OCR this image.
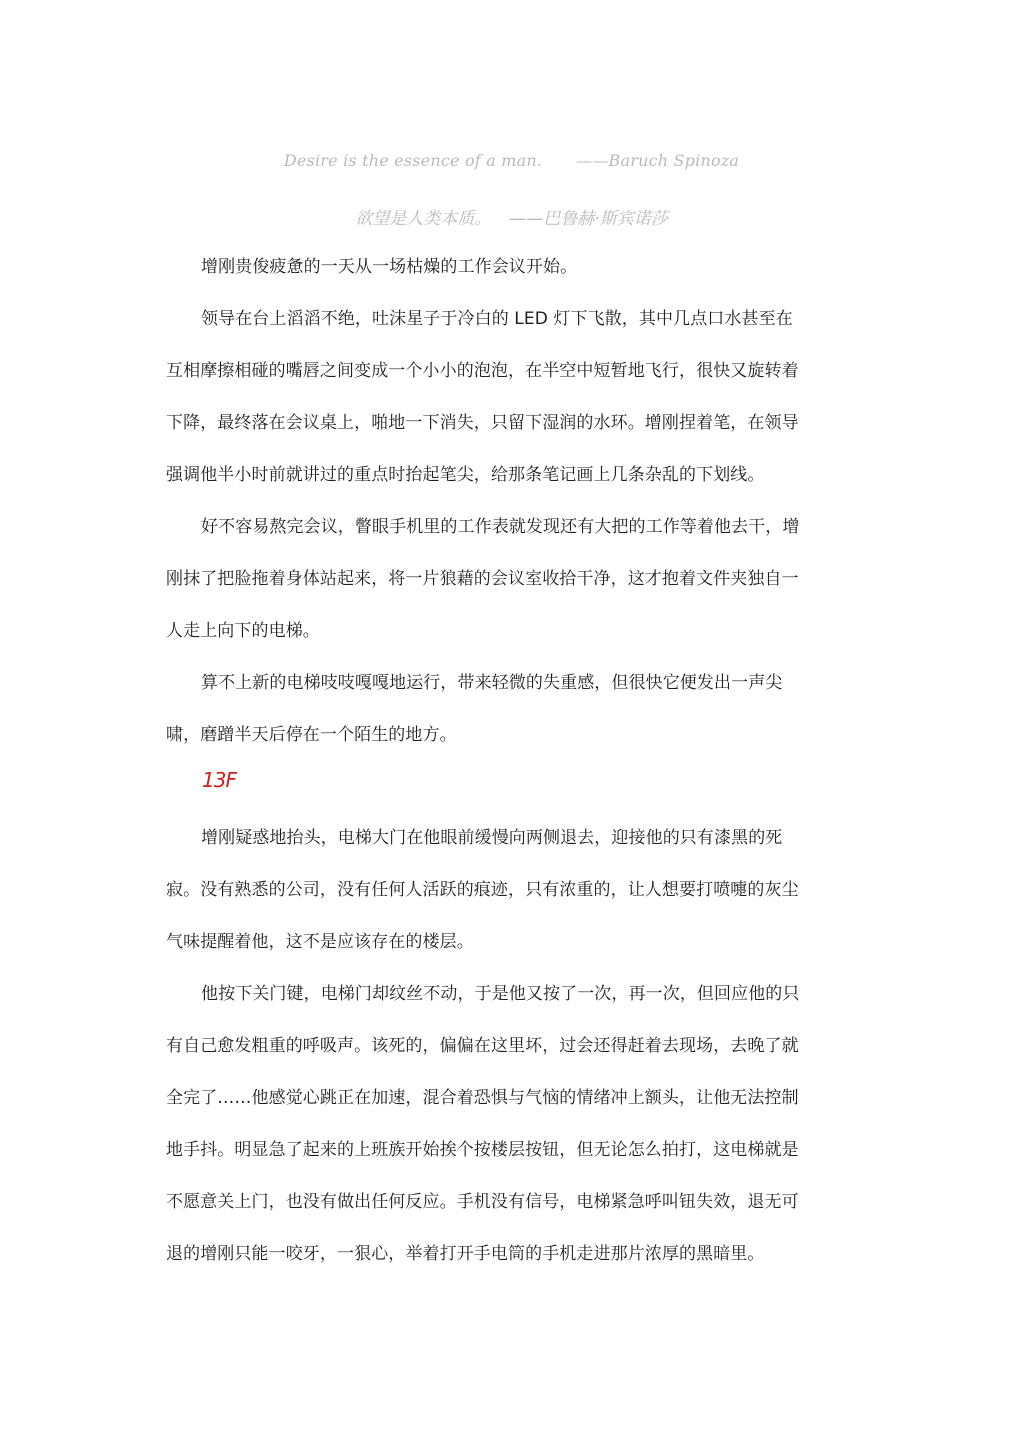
Desire is the essence of a man. ——Baruch Spinoza
欲望是人类本质。 ——巴鲁赫·斯宾诺莎

增刚贵俊疲惫的一天从一场枯燥的工作会议开始。

领导在台上滔滔不绝，吐沫星子于冷白的 LED 灯下飞散，其中几点口水甚至在
互相摩擦相碰的嘴唇之间变成一个小小的泡泡，在半空中短暂地飞行，很快又旋转着
下降，最终落在会议桌上，啪地一下消失，只留下湿润的水环。增刚捏着笔，在领导
强调他半小时前就讲过的重点时抬起笔尖，给那条笔记画上几条杂乱的下划线。

好不容易熬完会议，瞥眼手机里的工作表就发现还有大把的工作等着他去干，增
刚抹了把脸拖着身体站起来，将一片狼藉的会议室收拾干净，这才抱着文件夹独自一
人走上向下的电梯。

算不上新的电梯吱吱嘎嘎地运行，带来轻微的失重感，但很快它便发出一声尖
啸，磨蹭半天后停在一个陌生的地方。

增刚疑惑地抬头，电梯大门在他眼前缓慢向两侧退去，迎接他的只有漆黑的死
寂。没有熟悉的公司，没有任何人活跃的痕迹，只有浓重的，让人想要打喷嚏的灰尘
气味提醒着他，这不是应该存在的楼层。

他按下关门键，电梯门却纹丝不动，于是他又按了一次，再一次，但回应他的只
有自己愈发粗重的呼吸声。该死的，偏偏在这里坏，过会还得赶着去现场，去晚了就
全完了……他感觉心跳正在加速，混合着恐惧与气恼的情绪冲上额头，让他无法控制
地手抖。明显急了起来的上班族开始挨个按楼层按钮，但无论怎么拍打，这电梯就是
不愿意关上门，也没有做出任何反应。手机没有信号，电梯紧急呼叫钮失效，退无可
退的增刚只能一咬牙，一狠心，举着打开手电筒的手机走进那片浓厚的黑暗里。

13F
